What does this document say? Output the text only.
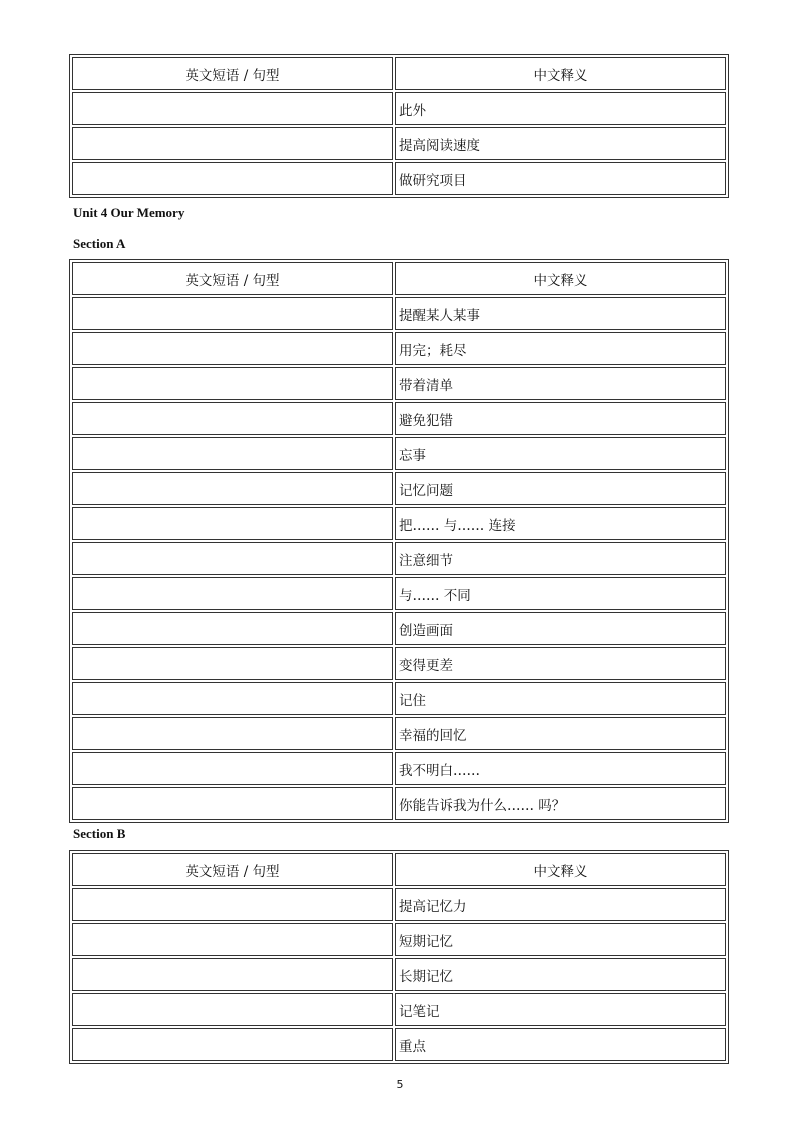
英文短语 / 句型	中文释义
	此外
	提高阅读速度
	做研究项目
Unit 4 Our Memory
Section A
英文短语 / 句型	中文释义
	提醒某人某事
	用完；耗尽
	带着清单
	避免犯错
	忘事
	记忆问题
	把…… 与…… 连接
	注意细节
	与…… 不同
	创造画面
	变得更差
	记住
	幸福的回忆
	我不明白……
	你能告诉我为什么…… 吗？
Section B
英文短语 / 句型	中文释义
	提高记忆力
	短期记忆
	长期记忆
	记笔记
	重点
5
